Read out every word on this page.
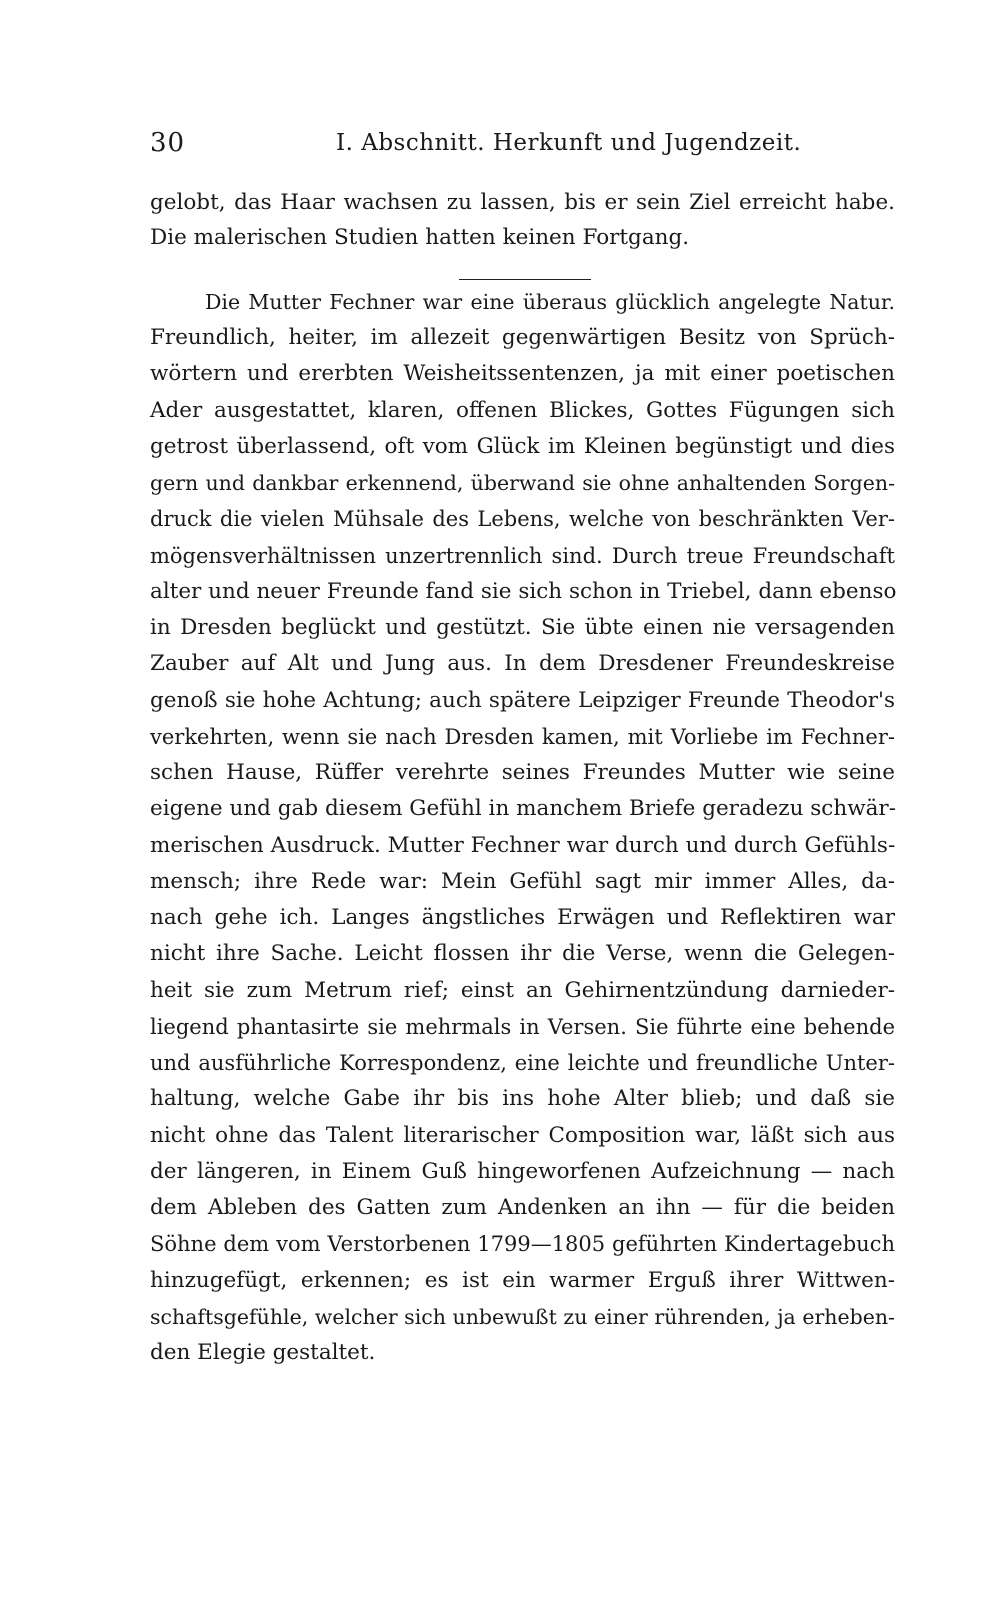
30	I. Abschnitt. Herkunft und Jugendzeit.
gelobt, das Haar wachsen zu lassen, bis er sein Ziel erreicht habe.
Die malerischen Studien hatten keinen Fortgang.
Die Mutter Fechner war eine überaus glücklich angelegte Natur.
Freundlich, heiter, im allezeit gegenwärtigen Besitz von Sprüch-
wörtern und ererbten Weisheitssentenzen, ja mit einer poetischen
Ader ausgestattet, klaren, offenen Blickes, Gottes Fügungen sich
getrost überlassend, oft vom Glück im Kleinen begünstigt und dies
gern und dankbar erkennend, überwand sie ohne anhaltenden Sorgen-
druck die vielen Mühsale des Lebens, welche von beschränkten Ver-
mögensverhältnissen unzertrennlich sind. Durch treue Freundschaft
alter und neuer Freunde fand sie sich schon in Triebel, dann ebenso
in Dresden beglückt und gestützt. Sie übte einen nie versagenden
Zauber auf Alt und Jung aus. In dem Dresdener Freundeskreise
genoß sie hohe Achtung; auch spätere Leipziger Freunde Theodor's
verkehrten, wenn sie nach Dresden kamen, mit Vorliebe im Fechner-
schen Hause, Rüffer verehrte seines Freundes Mutter wie seine
eigene und gab diesem Gefühl in manchem Briefe geradezu schwär-
merischen Ausdruck. Mutter Fechner war durch und durch Gefühls-
mensch; ihre Rede war: Mein Gefühl sagt mir immer Alles, da-
nach gehe ich. Langes ängstliches Erwägen und Reflektiren war
nicht ihre Sache. Leicht flossen ihr die Verse, wenn die Gelegen-
heit sie zum Metrum rief; einst an Gehirnentzündung darnieder-
liegend phantasirte sie mehrmals in Versen. Sie führte eine behende
und ausführliche Korrespondenz, eine leichte und freundliche Unter-
haltung, welche Gabe ihr bis ins hohe Alter blieb; und daß sie
nicht ohne das Talent literarischer Composition war, läßt sich aus
der längeren, in Einem Guß hingeworfenen Aufzeichnung — nach
dem Ableben des Gatten zum Andenken an ihn — für die beiden
Söhne dem vom Verstorbenen 1799—1805 geführten Kindertagebuch
hinzugefügt, erkennen; es ist ein warmer Erguß ihrer Wittwen-
schaftsgefühle, welcher sich unbewußt zu einer rührenden, ja erheben-
den Elegie gestaltet.
